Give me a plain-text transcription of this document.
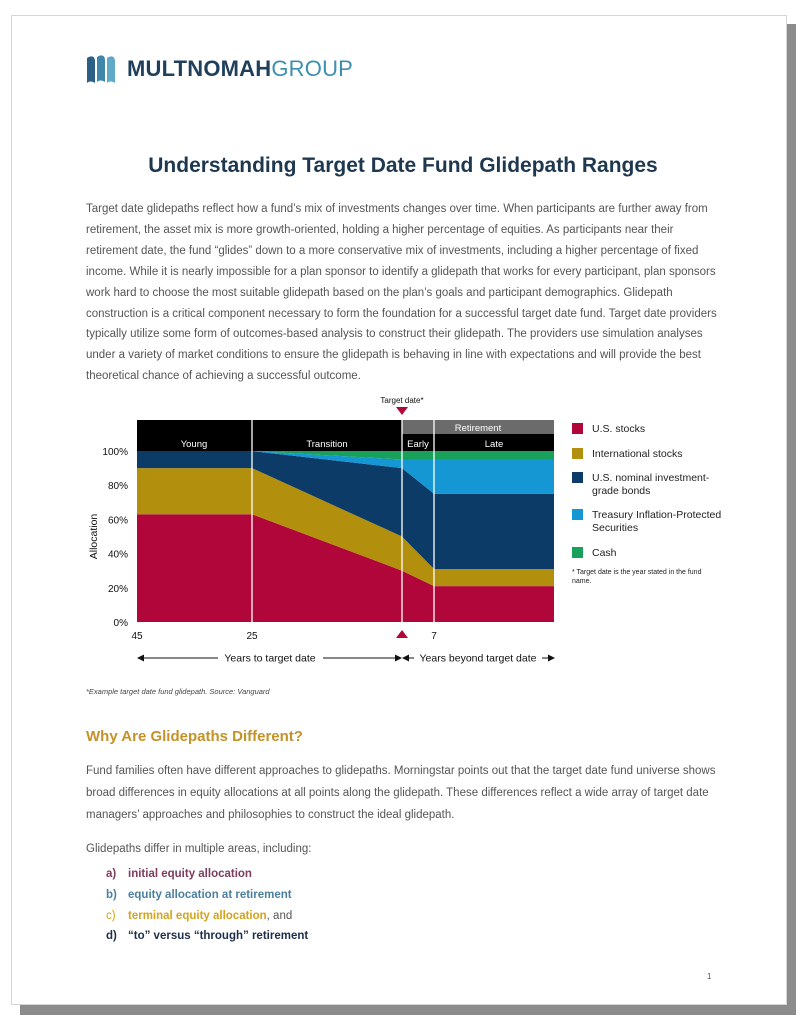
MULTNOMAHGROUP
Understanding Target Date Fund Glidepath Ranges

Target date glidepaths reflect how a fund’s mix of investments changes over time. When participants are further away from retirement, the asset mix is more growth-oriented, holding a higher percentage of equities. As participants near their retirement date, the fund “glides” down to a more conservative mix of investments, including a higher percentage of fixed income. While it is nearly impossible for a plan sponsor to identify a glidepath that works for every participant, plan sponsors work hard to choose the most suitable glidepath based on the plan’s goals and participant demographics. Glidepath construction is a critical component necessary to form the foundation for a successful target date fund. Target date providers typically utilize some form of outcomes-based analysis to construct their glidepath. The providers use simulation analyses under a variety of market conditions to ensure the glidepath is behaving in line with expectations and will provide the best theoretical chance of achieving a successful outcome.

Young	Transition	Early	Late
Retirement
Target date*
0%
20%
40%
60%
80%
100%
Allocation
45	25	7
Years to target date	Years beyond target date
U.S. stocks
International stocks
U.S. nominal investment-grade bonds
Treasury Inflation-Protected Securities
Cash
* Target date is the year stated in the fund name.
*Example target date fund glidepath. Source: Vanguard
Why Are Glidepaths Different?

Fund families often have different approaches to glidepaths. Morningstar points out that the target date fund universe shows broad differences in equity allocations at all points along the glidepath. These differences reflect a wide array of target date managers’ approaches and philosophies to construct the ideal glidepath.

Glidepaths differ in multiple areas, including:
a)	initial equity allocation
b) equity allocation at retirement
c)	terminal equity allocation, and
d) “to” versus “through” retirement
1
